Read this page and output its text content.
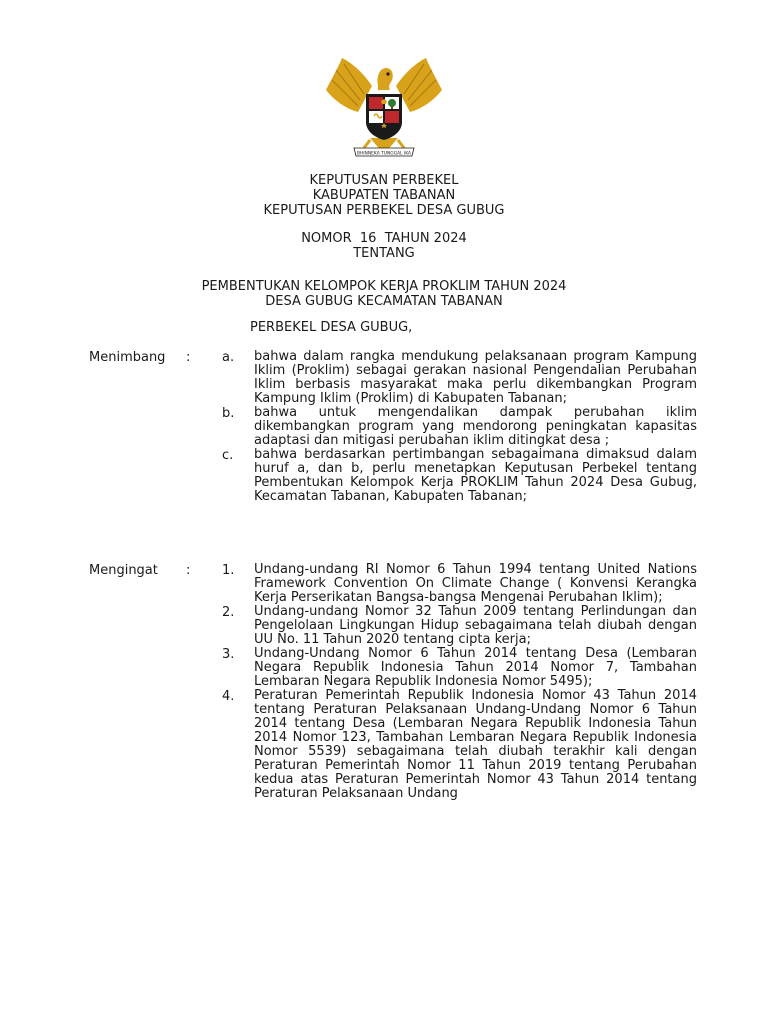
BHINNEKA TUNGGAL IKA
KEPUTUSAN PERBEKEL
KABUPATEN TABANAN
KEPUTUSAN PERBEKEL DESA GUBUG
NOMOR  16  TAHUN 2024
TENTANG
PEMBENTUKAN KELOMPOK KERJA PROKLIM TAHUN 2024
DESA GUBUG KECAMATAN TABANAN
PERBEKEL DESA GUBUG,
Menimbang : a. bahwa dalam rangka mendukung pelaksanaan program Kampung Iklim (Proklim) sebagai gerakan nasional Pengendalian Perubahan Iklim berbasis masyarakat maka perlu dikembangkan Program Kampung Iklim (Proklim) di Kabupaten Tabanan;
b. bahwa untuk mengendalikan dampak perubahan iklim dikembangkan program yang mendorong peningkatan kapasitas adaptasi dan mitigasi perubahan iklim ditingkat desa ;
c. bahwa berdasarkan pertimbangan sebagaimana dimaksud dalam huruf a, dan b, perlu menetapkan Keputusan Perbekel tentang Pembentukan Kelompok Kerja PROKLIM Tahun 2024 Desa Gubug, Kecamatan Tabanan, Kabupaten Tabanan;
Mengingat : 1. Undang-undang RI Nomor 6 Tahun 1994 tentang United Nations Framework Convention On Climate Change ( Konvensi Kerangka Kerja Perserikatan Bangsa-bangsa Mengenai Perubahan Iklim);
2. Undang-undang Nomor 32 Tahun 2009 tentang Perlindungan dan Pengelolaan Lingkungan Hidup sebagaimana telah diubah dengan UU No. 11 Tahun 2020 tentang cipta kerja;
3. Undang-Undang Nomor 6 Tahun 2014 tentang Desa (Lembaran Negara Republik Indonesia Tahun 2014 Nomor 7, Tambahan Lembaran Negara Republik Indonesia Nomor 5495);
4. Peraturan Pemerintah Republik Indonesia Nomor 43 Tahun 2014 tentang Peraturan Pelaksanaan Undang-Undang Nomor 6 Tahun 2014 tentang Desa (Lembaran Negara Republik Indonesia Tahun 2014 Nomor 123, Tambahan Lembaran Negara Republik Indonesia Nomor 5539) sebagaimana telah diubah terakhir kali dengan Peraturan Pemerintah Nomor 11 Tahun 2019 tentang Perubahan kedua atas Peraturan Pemerintah Nomor 43 Tahun 2014 tentang Peraturan Pelaksanaan Undang
